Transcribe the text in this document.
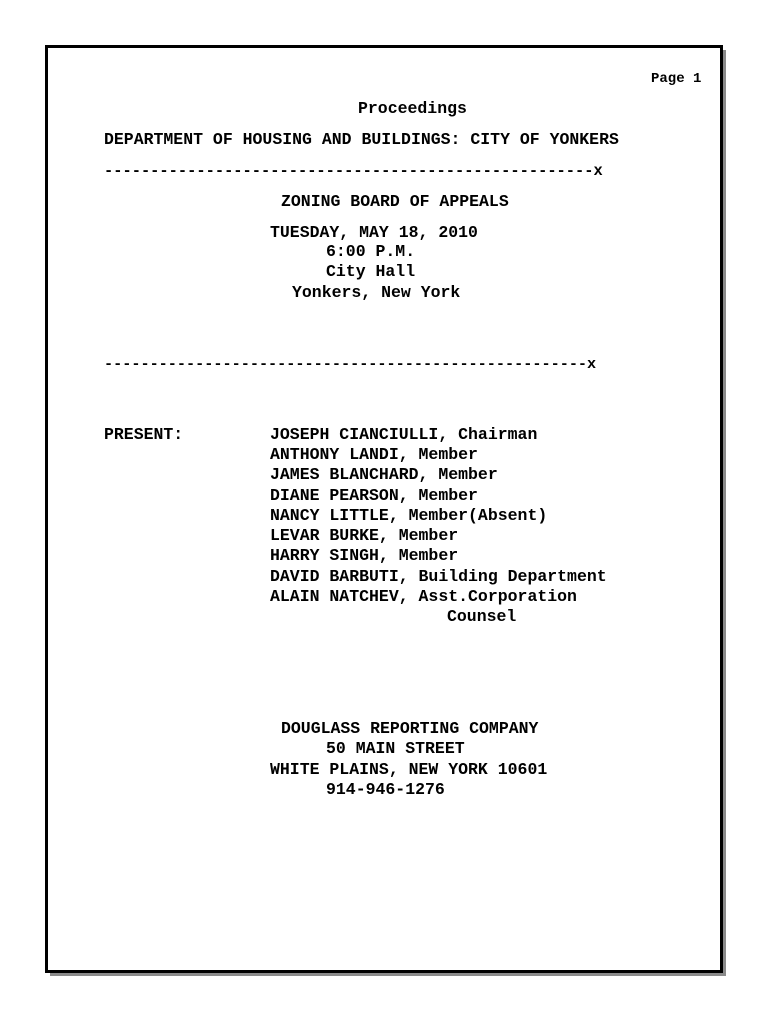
Page 1
Proceedings
DEPARTMENT OF HOUSING AND BUILDINGS: CITY OF YONKERS
-----------------------------------------------------x
ZONING BOARD OF APPEALS
TUESDAY, MAY 18, 2010
6:00 P.M.
City Hall
Yonkers, New York
-----------------------------------------------------x
PRESENT:	JOSEPH CIANCIULLI, Chairman
ANTHONY LANDI, Member
JAMES BLANCHARD, Member
DIANE PEARSON, Member
NANCY LITTLE, Member(Absent)
LEVAR BURKE, Member
HARRY SINGH, Member
DAVID BARBUTI, Building Department
ALAIN NATCHEV, Asst.Corporation
Counsel
DOUGLASS REPORTING COMPANY
50 MAIN STREET
WHITE PLAINS, NEW YORK 10601
914-946-1276
